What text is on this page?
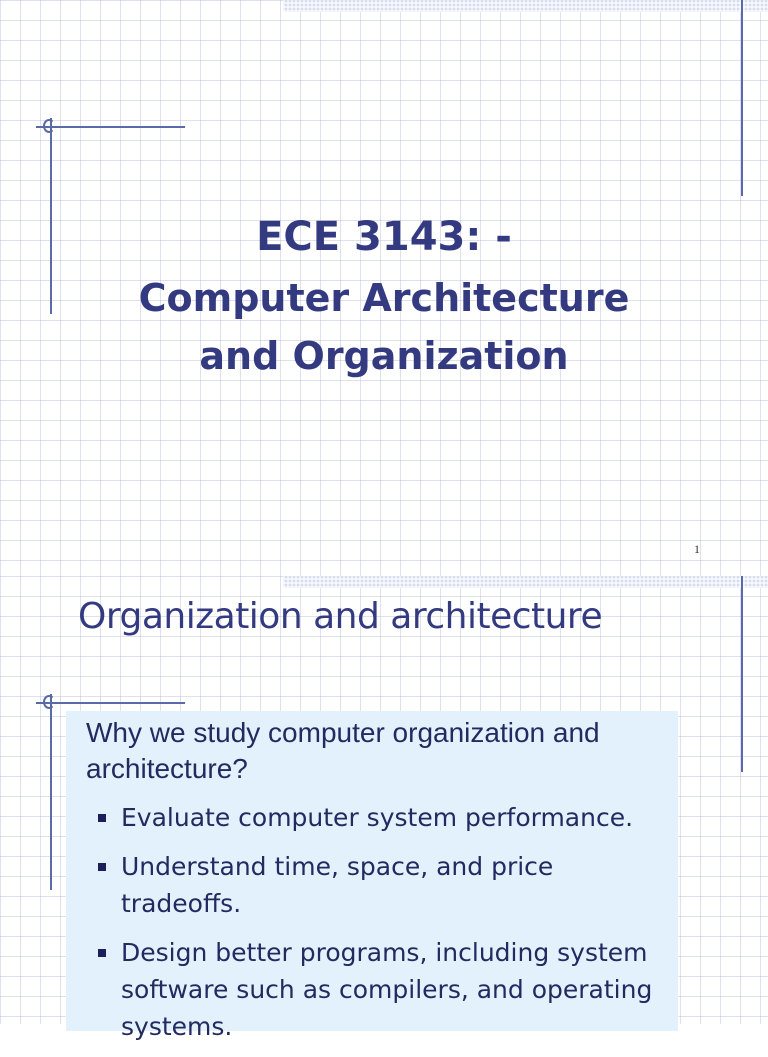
ECE 3143: -
Computer Architecture
and Organization
1
Organization and architecture
Why we study computer organization and architecture?
Evaluate computer system performance.
Understand time, space, and price tradeoffs.
Design better programs, including system software such as compilers, and operating systems.
